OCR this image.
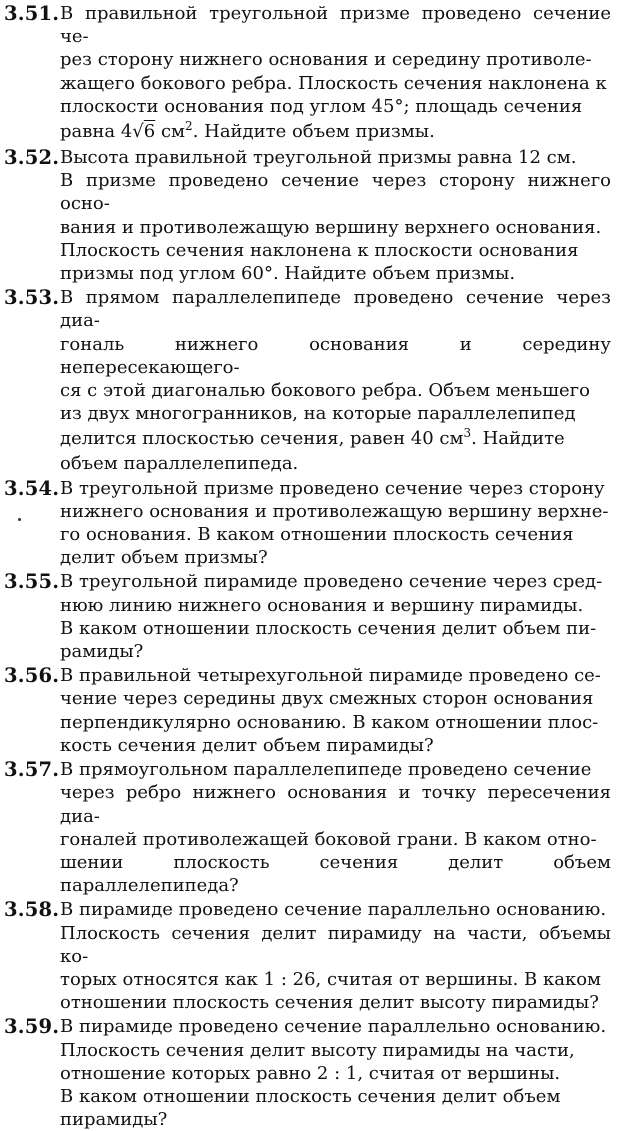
3.51. В правильной треугольной призме проведено сечение че-
рез сторону нижнего основания и середину противоле-
жащего бокового ребра. Плоскость сечения наклонена к
плоскости основания под углом 45°; площадь сечения
равна 4√6 $см^2$. Найдите объем призмы.
3.52. Высота правильной треугольной призмы равна 12 см.
В призме проведено сечение через сторону нижнего осно-
вания и противолежащую вершину верхнего основания.
Плоскость сечения наклонена к плоскости основания
призмы под углом 60°. Найдите объем призмы.
3.53. В прямом параллелепипеде проведено сечение через диа-
гональ нижнего основания и середину непересекающего-
ся с этой диагональю бокового ребра. Объем меньшего
из двух многогранников, на которые параллелепипед
делится плоскостью сечения, равен 40 $см^3$. Найдите
объем параллелепипеда.
3.54. В треугольной призме проведено сечение через сторону
нижнего основания и противолежащую вершину верхне-
го основания. В каком отношении плоскость сечения
делит объем призмы?
3.55. В треугольной пирамиде проведено сечение через сред-
нюю линию нижнего основания и вершину пирамиды.
В каком отношении плоскость сечения делит объем пи-
рамиды?
3.56. В правильной четырехугольной пирамиде проведено се-
чение через середины двух смежных сторон основания
перпендикулярно основанию. В каком отношении плос-
кость сечения делит объем пирамиды?
3.57. В прямоугольном параллелепипеде проведено сечение
через ребро нижнего основания и точку пересечения диа-
гоналей противолежащей боковой грани. В каком отно-
шении плоскость сечения делит объем параллелепипеда?
3.58. В пирамиде проведено сечение параллельно основанию.
Плоскость сечения делит пирамиду на части, объемы ко-
торых относятся как 1 : 26, считая от вершины. В каком
отношении плоскость сечения делит высоту пирамиды?
3.59. В пирамиде проведено сечение параллельно основанию.
Плоскость сечения делит высоту пирамиды на части,
отношение которых равно 2 : 1, считая от вершины.
В каком отношении плоскость сечения делит объем
пирамиды?
